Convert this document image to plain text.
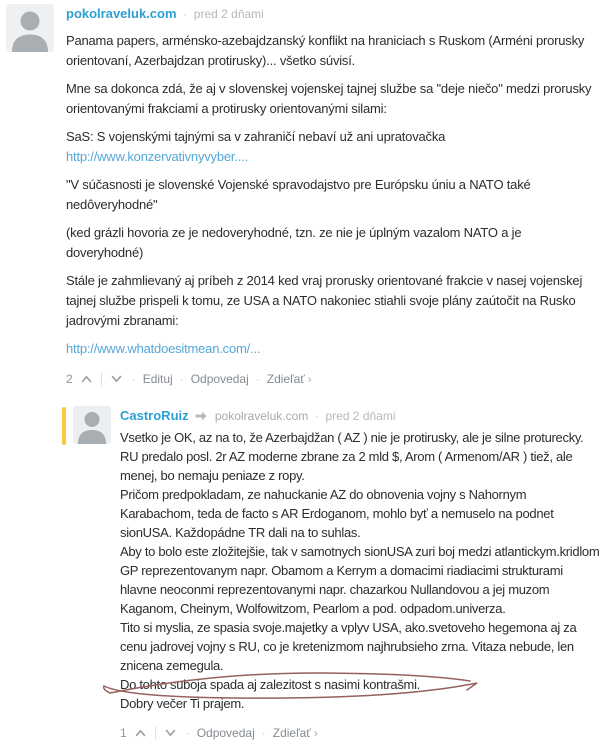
pokolraveluk.com · pred 2 dňami

Panama papers, arménsko-azebajdzanský konflikt na hraniciach s Ruskom (Arméni prorusky orientovaní, Azerbajdzan protirusky)... všetko súvisí.

Mne sa dokonca zdá, že aj v slovenskej vojenskej tajnej službe sa "deje niečo" medzi prorusky orientovanými frakciami a protirusky orientovanými silami:

SaS: S vojenskými tajnými sa v zahraničí nebaví už ani upratovačka

http://www.konzervativnyvyber....

"V súčasnosti je slovenské Vojenské spravodajstvo pre Európsku úniu a NATO také nedôveryhodné"

(ked grázli hovoria ze je nedoveryhodné, tzn. ze nie je úplným vazalom NATO a je doveryhodné)

Stále je zahmlievaný aj príbeh z 2014 ked vraj prorusky orientované frakcie v nasej vojenskej tajnej službe prispeli k tomu, ze USA a NATO nakoniec stiahli svoje plány zaútočit na Rusko jadrovými zbranami:

http://www.whatdoesitmean.com/...

2	· Edituj · Odpovedaj · Zdieľať ›
CastroRuiz pokolraveluk.com · pred 2 dňami
Vsetko je OK, az na to, že Azerbajdžan ( AZ ) nie je protirusky, ale je silne proturecky. RU predalo posl. 2r AZ moderne zbrane za 2 mld $, Arom ( Armenom/AR ) tiež, ale menej, bo nemaju peniaze z ropy.
Pričom predpokladam, ze nahuckanie AZ do obnovenia vojny s Nahornym Karabachom, teda de facto s AR Erdoganom, mohlo byť a nemuselo na podnet sionUSA. Každopádne TR dali na to suhlas.
Aby to bolo este zložitejšie, tak v samotnych sionUSA zuri boj medzi atlantickym.kridlom GP reprezentovanym napr. Obamom a Kerrym a domacimi riadiacimi strukturami hlavne neoconmi reprezentovanymi napr. chazarkou Nullandovou a jej muzom Kaganom, Cheinym, Wolfowitzom, Pearlom a pod. odpadom.univerza.
Tito si myslia, ze spasia svoje.majetky a vplyv USA, ako.svetoveho hegemona aj za cenu jadrovej vojny s RU, co je kretenizmom najhrubsieho zrna. Vitaza nebude, len znicena zemegula.
Do tohto suboja spada aj zalezitost s nasimi kontrašmi.
Dobry večer Ti prajem.
1	· Odpovedaj · Zdieľať ›
